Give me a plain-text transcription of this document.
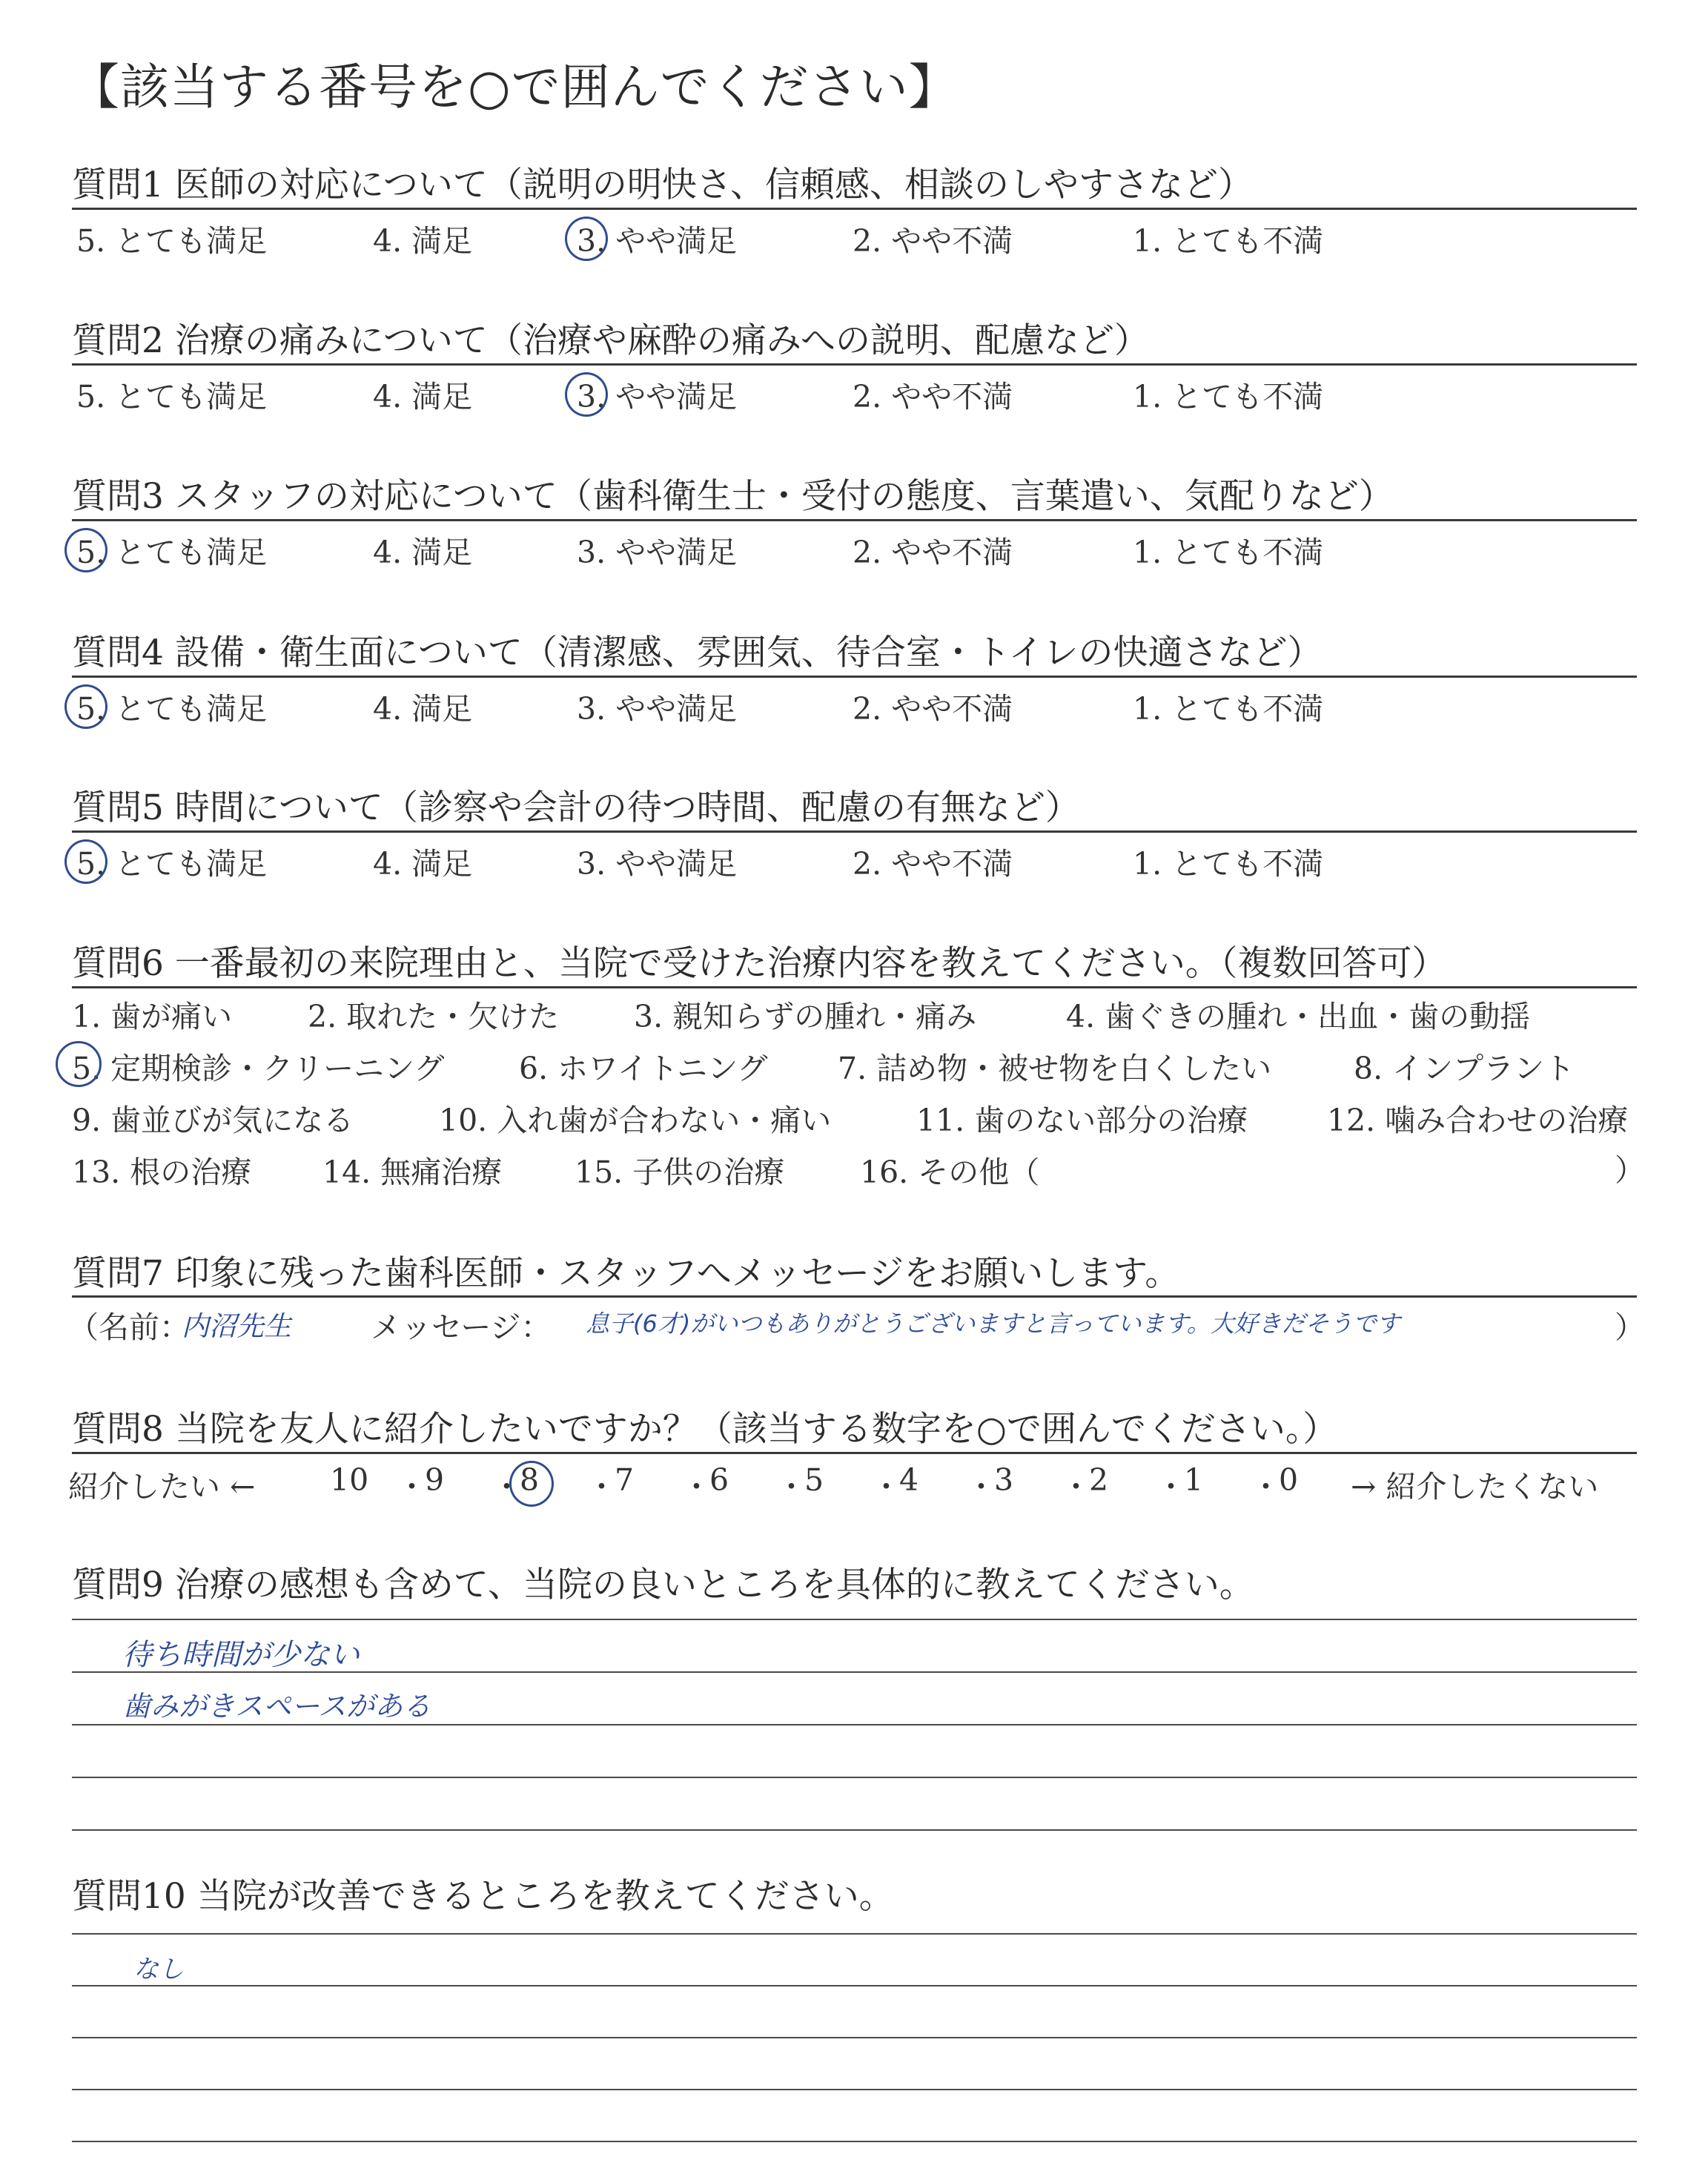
【該当する番号を○で囲んでください】
質問1 医師の対応について（説明の明快さ、信頼感、相談のしやすさなど）
5. とても満足	4. 満足	3. やや満足	2. やや不満	1. とても不満
質問2 治療の痛みについて（治療や麻酔の痛みへの説明、配慮など）
5. とても満足	4. 満足	3. やや満足	2. やや不満	1. とても不満
質問3 スタッフの対応について（歯科衛生士・受付の態度、言葉遣い、気配りなど）
5. とても満足	4. 満足	3. やや満足	2. やや不満	1. とても不満
質問4 設備・衛生面について（清潔感、雰囲気、待合室・トイレの快適さなど）
5. とても満足	4. 満足	3. やや満足	2. やや不満	1. とても不満
質問5 時間について（診察や会計の待つ時間、配慮の有無など）
5. とても満足	4. 満足	3. やや満足	2. やや不満	1. とても不満
質問6 一番最初の来院理由と、当院で受けた治療内容を教えてください。（複数回答可）
1. 歯が痛い 2. 取れた・欠けた 3. 親知らずの腫れ・痛み	4. 歯ぐきの腫れ・出血・歯の動揺
5. 定期検診・クリーニング 6. ホワイトニング 7. 詰め物・被せ物を白くしたい	8. インプラント
9. 歯並びが気になる	10. 入れ歯が合わない・痛い	11. 歯のない部分の治療	12. 噛み合わせの治療
13. 根の治療 14. 無痛治療 15. 子供の治療 16. その他（	）
質問7 印象に残った歯科医師・スタッフへメッセージをお願いします。
（名前：
内沼先生	メッセージ： 息子(6才)がいつもありがとうございますと言っています。大好きだそうです	）
質問8 当院を友人に紹介したいですか？（該当する数字を○で囲んでください。）
紹介したい ← 10 ・
9 ・
8 ・
7 ・
6 ・
5 ・
4 ・
3 ・
2 ・
1 ・
0 → 紹介したくない
質問9 治療の感想も含めて、当院の良いところを具体的に教えてください。
待ち時間が少ない
歯みがきスペースがある
質問10 当院が改善できるところを教えてください。
なし
